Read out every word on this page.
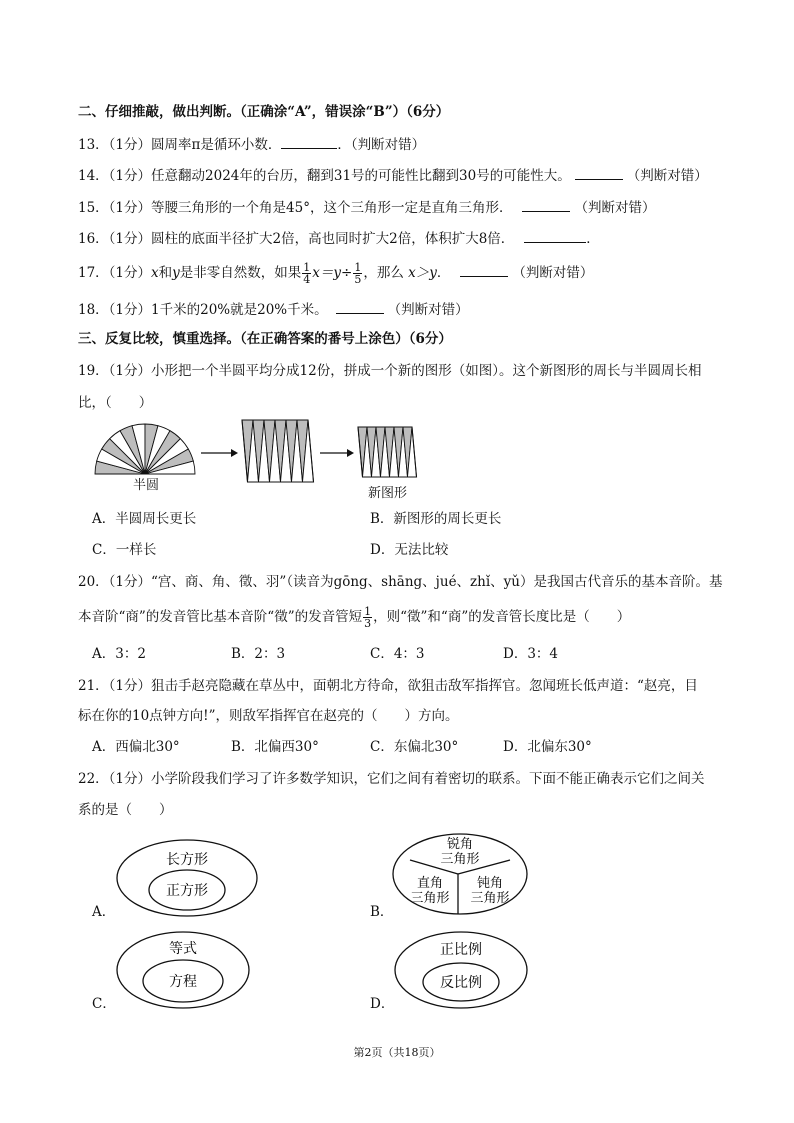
二、仔细推敲，做出判断。（正确涂“A”，错误涂“B”）（6分）
13．（1分）圆周率π是循环小数．	．（判断对错）
14．（1分）任意翻动2024年的台历，翻到31号的可能性比翻到30号的可能性大。	（判断对错）
15．（1分）等腰三角形的一个角是45°，这个三角形一定是直角三角形．	（判断对错）
16．（1分）圆柱的底面半径扩大2倍，高也同时扩大2倍，体积扩大8倍．	．
17．（1分）x和y是非零自然数，如果 $\frac{1}{4} x=y\div \frac{1}{5}$ ，那么 x＞y．	（判断对错）
18．（1分）1千米的20%就是20%千米。	（判断对错）
三、反复比较，慎重选择。（在正确答案的番号上涂色）（6分）
19．（1分）小形把一个半圆平均分成12份，拼成一个新的图形（如图）。这个新图形的周长与半圆周长相
比，（　　）
半圆
新图形
A．半圆周长更长	B．新图形的周长更长
C．一样长	D．无法比较
20．（1分）“宫、商、角、徵、羽”（读音为gōng、shāng、jué、zhǐ、yǔ）是我国古代音乐的基本音阶。基
本音阶“商”的发音管比基本音阶“徵”的发音管短 $\frac{1}{3}$ ，则“徵”和“商”的发音管长度比是（　　）
A．3：2	B．2：3	C．4：3	D．3：4
21．（1分）狙击手赵亮隐藏在草丛中，面朝北方待命，欲狙击敌军指挥官。忽闻班长低声道：“赵亮，目
标在你的10点钟方向!”，则敌军指挥官在赵亮的（　　）方向。
A．西偏北30°	B．北偏西30°	C．东偏北30°	D．北偏东30°
22．（1分）小学阶段我们学习了许多数学知识，它们之间有着密切的联系。下面不能正确表示它们之间关
系的是（　　）
A．
长方形
正方形
B．
锐角
三角形
直角
三角形
钝角
三角形
C．
等式
方程
D．
正比例
反比例
第2页（共18页）
